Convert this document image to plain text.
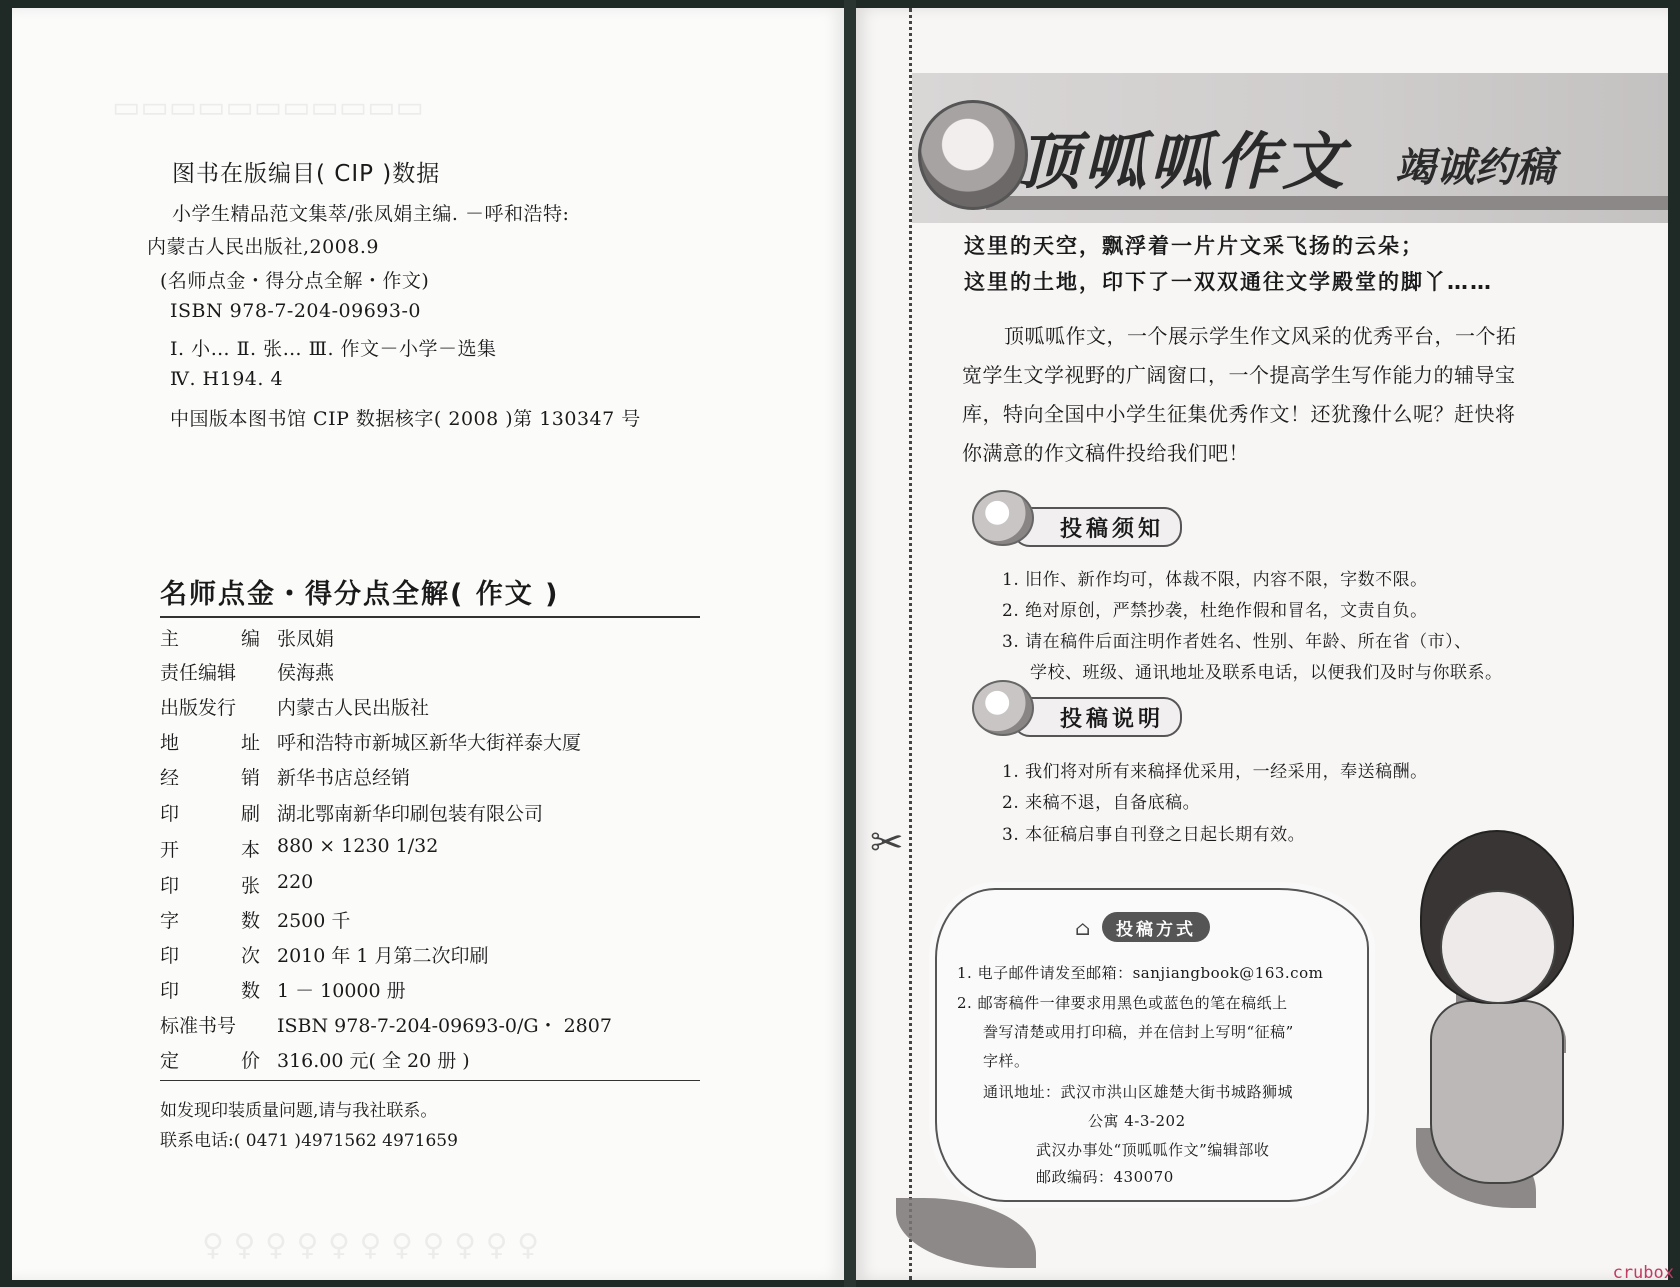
▭▭▭▭▭▭▭▭▭▭▭
♀ ♀ ♀ ♀ ♀ ♀ ♀ ♀ ♀ ♀ ♀
图书在版编目( CIP )数据
小学生精品范文集萃/张凤娟主编. －呼和浩特:
内蒙古人民出版社,2008.9
(名师点金・得分点全解・作文)
ISBN 978-7-204-09693-0
Ⅰ. 小… Ⅱ. 张… Ⅲ. 作文－小学－选集
Ⅳ. H194. 4
中国版本图书馆 CIP 数据核字( 2008 )第 130347 号
名师点金・得分点全解( 作文 )
主	编 张凤娟
责任编辑 侯海燕
出版发行 内蒙古人民出版社
地	址 呼和浩特市新城区新华大街祥泰大厦
经	销 新华书店总经销
印	刷 湖北鄂南新华印刷包装有限公司
开	本 880 × 1230 1/32
印	张 220
字	数 2500 千
印	次 2010 年 1 月第二次印刷
印	数 1 － 10000 册
标准书号 ISBN 978-7-204-09693-0/G・ 2807
定	价 316.00 元( 全 20 册 )
如发现印装质量问题,请与我社联系。
联系电话:( 0471 )4971562 4971659
顶呱呱作文 竭诚约稿
这里的天空，飘浮着一片片文采飞扬的云朵；
这里的土地，印下了一双双通往文学殿堂的脚丫……
顶呱呱作文，一个展示学生作文风采的优秀平台，一个拓
宽学生文学视野的广阔窗口，一个提高学生写作能力的辅导宝
库，特向全国中小学生征集优秀作文！还犹豫什么呢？赶快将
你满意的作文稿件投给我们吧！
投稿须知
1. 旧作、新作均可，体裁不限，内容不限，字数不限。
2. 绝对原创，严禁抄袭，杜绝作假和冒名，文责自负。
3. 请在稿件后面注明作者姓名、性别、年龄、所在省（市）、
学校、班级、通讯地址及联系电话，以便我们及时与你联系。
投稿说明
1. 我们将对所有来稿择优采用，一经采用，奉送稿酬。
2. 来稿不退，自备底稿。
3. 本征稿启事自刊登之日起长期有效。
✂
⌂ 投稿方式
1. 电子邮件请发至邮箱：sanjiangbook@163.com
2. 邮寄稿件一律要求用黑色或蓝色的笔在稿纸上
誊写清楚或用打印稿，并在信封上写明“征稿”
字样。
通讯地址：武汉市洪山区雄楚大街书城路狮城
公寓 4-3-202
武汉办事处“顶呱呱作文”编辑部收
邮政编码：430070
crubox
